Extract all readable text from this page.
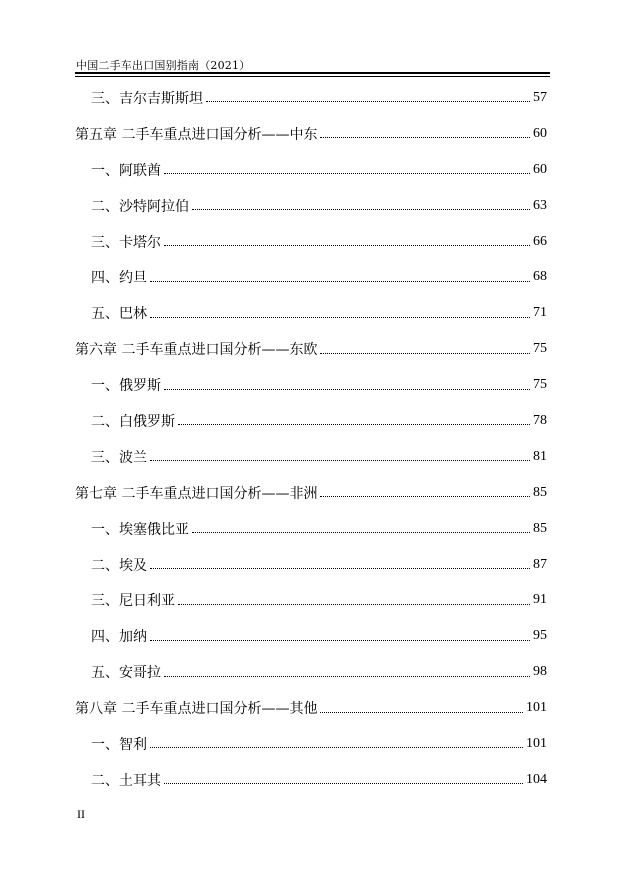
中国二手车出口国别指南（2021）
三、吉尔吉斯斯坦	57
第五章 二手车重点进口国分析——中东	60
一、阿联酋	60
二、沙特阿拉伯	63
三、卡塔尔	66
四、约旦	68
五、巴林	71
第六章 二手车重点进口国分析——东欧	75
一、俄罗斯	75
二、白俄罗斯	78
三、波兰	81
第七章 二手车重点进口国分析——非洲	85
一、埃塞俄比亚	85
二、埃及	87
三、尼日利亚	91
四、加纳	95
五、安哥拉	98
第八章 二手车重点进口国分析——其他	101
一、智利	101
二、土耳其	104
II
